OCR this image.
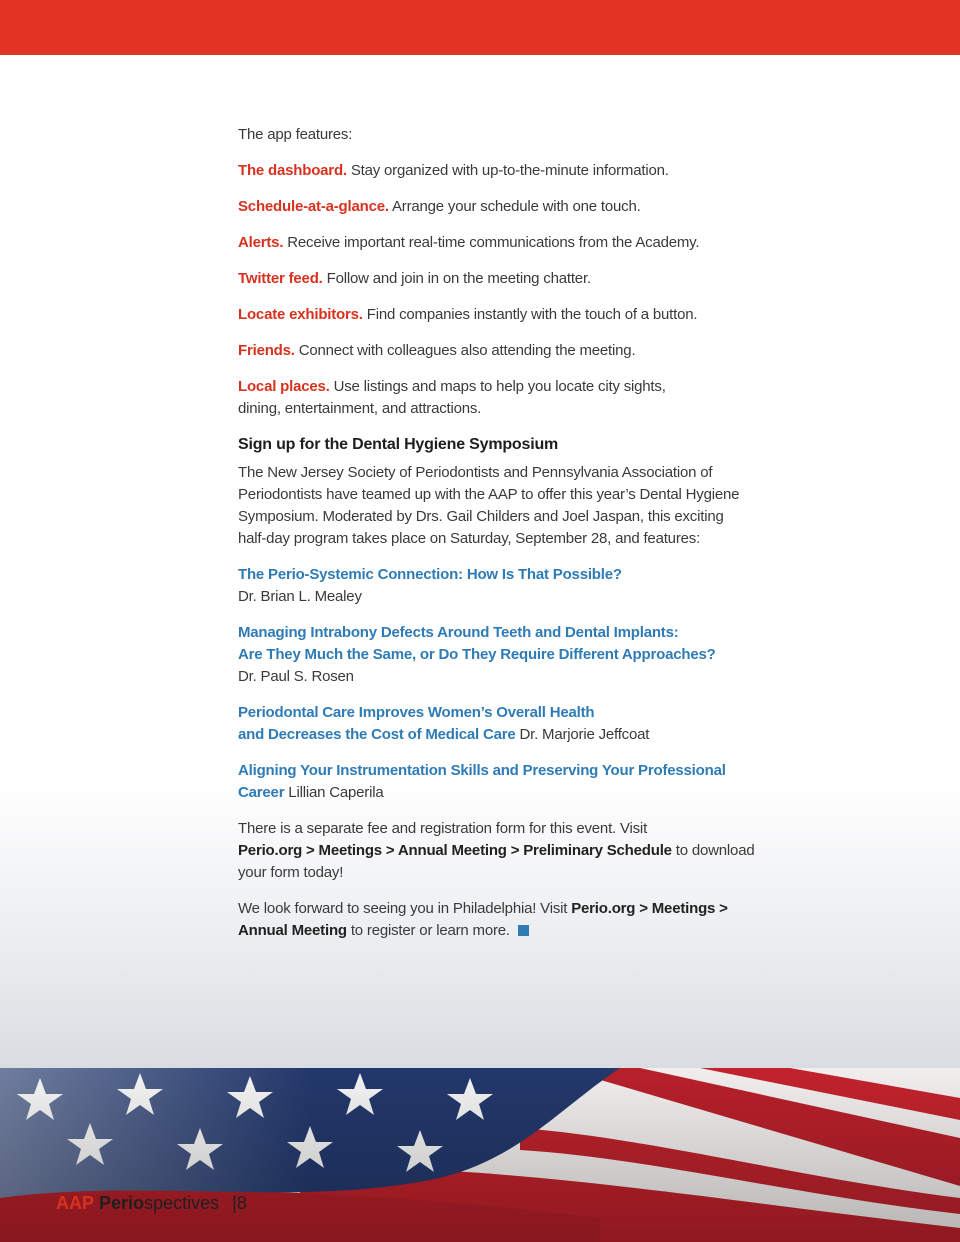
The app features:

The dashboard. Stay organized with up-to-the-minute information.

Schedule-at-a-glance. Arrange your schedule with one touch.

Alerts. Receive important real-time communications from the Academy.

Twitter feed. Follow and join in on the meeting chatter.

Locate exhibitors. Find companies instantly with the touch of a button.

Friends. Connect with colleagues also attending the meeting.

Local places. Use listings and maps to help you locate city sights, dining, entertainment, and attractions.

Sign up for the Dental Hygiene Symposium

The New Jersey Society of Periodontists and Pennsylvania Association of Periodontists have teamed up with the AAP to offer this year’s Dental Hygiene Symposium. Moderated by Drs. Gail Childers and Joel Jaspan, this exciting half-day program takes place on Saturday, September 28, and features:

The Perio-Systemic Connection: How Is That Possible?
Dr. Brian L. Mealey

Managing Intrabony Defects Around Teeth and Dental Implants:
Are They Much the Same, or Do They Require Different Approaches?
Dr. Paul S. Rosen

Periodontal Care Improves Women’s Overall Health
and Decreases the Cost of Medical Care Dr. Marjorie Jeffcoat

Aligning Your Instrumentation Skills and Preserving Your Professional
Career Lillian Caperila

There is a separate fee and registration form for this event. Visit
Perio.org > Meetings > Annual Meeting > Preliminary Schedule to download your form today!

We look forward to seeing you in Philadelphia! Visit Perio.org > Meetings > Annual Meeting to register or learn more.

AAP Periospectives |8
